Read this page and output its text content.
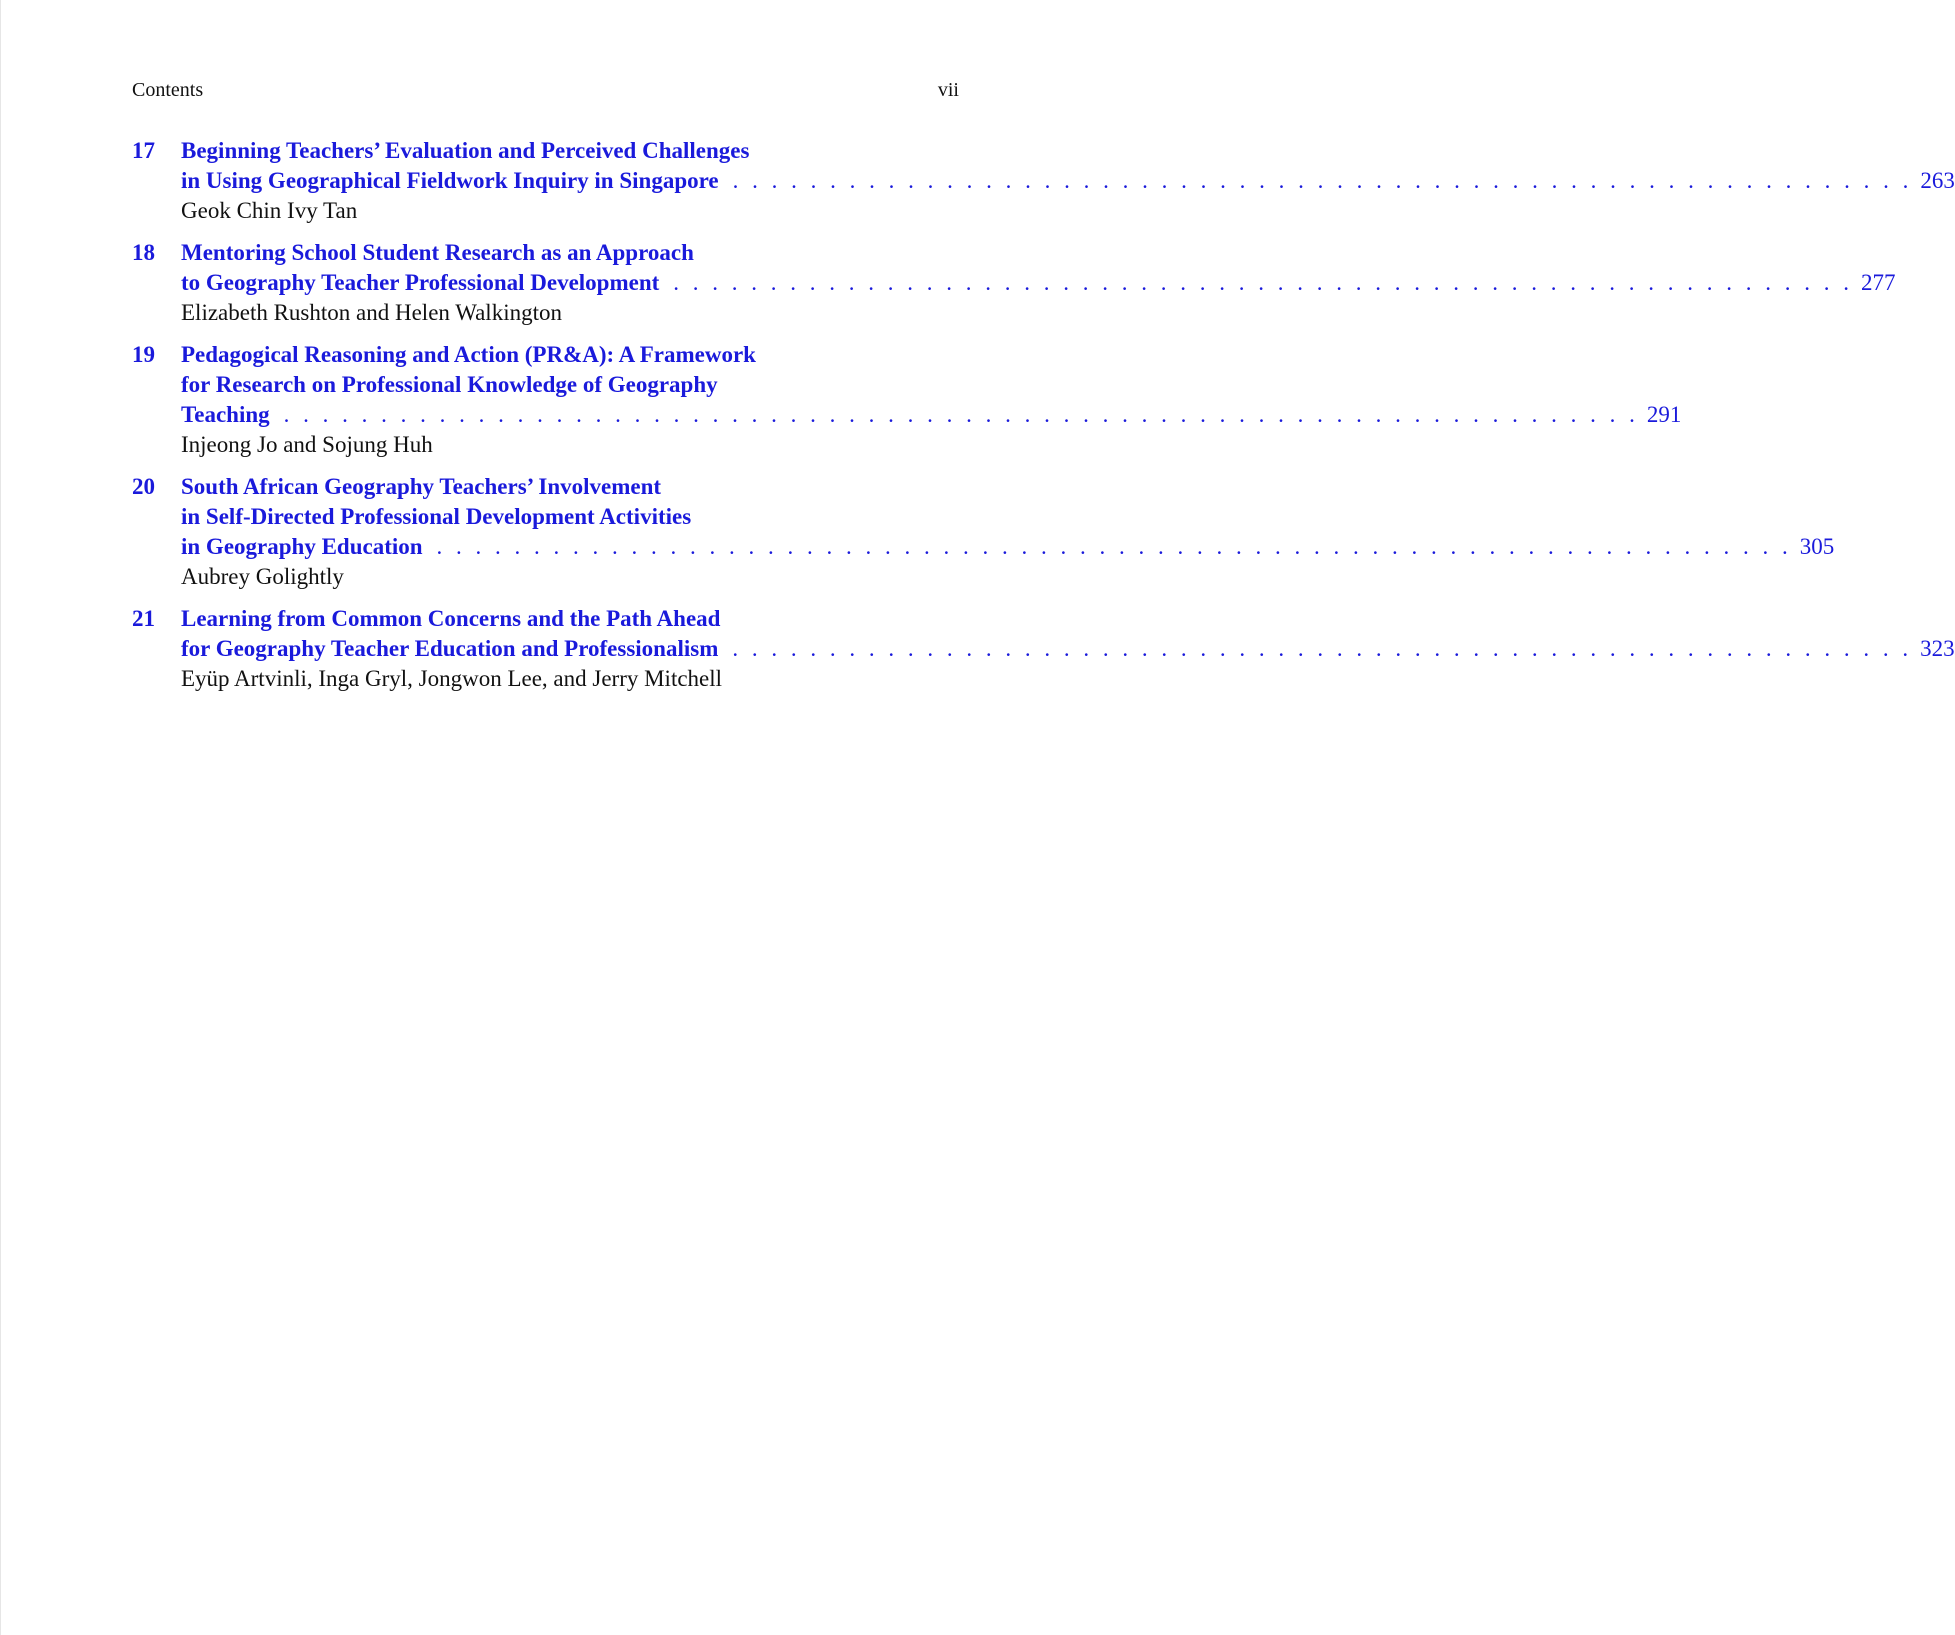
Contents	vii
17	Beginning Teachers’ Evaluation and Perceived Challenges
in Using Geographical Fieldwork Inquiry in Singapore . . . . . . . . . . . . . . . . . . . . . . . . . . . . . . . . . . . . . . . . . . . . . . . . . . . . . . . . . . . . . 263
Geok Chin Ivy Tan
18	Mentoring School Student Research as an Approach
to Geography Teacher Professional Development . . . . . . . . . . . . . . . . . . . . . . . . . . . . . . . . . . . . . . . . . . . . . . . . . . . . . . . . . . . . . 277
Elizabeth Rushton and Helen Walkington
19	Pedagogical Reasoning and Action (PR&A): A Framework
for Research on Professional Knowledge of Geography
Teaching . . . . . . . . . . . . . . . . . . . . . . . . . . . . . . . . . . . . . . . . . . . . . . . . . . . . . . . . . . . . . . . . . . . . . . 291
Injeong Jo and Sojung Huh
20	South African Geography Teachers’ Involvement
in Self-Directed Professional Development Activities
in Geography Education . . . . . . . . . . . . . . . . . . . . . . . . . . . . . . . . . . . . . . . . . . . . . . . . . . . . . . . . . . . . . . . . . . . . . . 305
Aubrey Golightly
21	Learning from Common Concerns and the Path Ahead
for Geography Teacher Education and Professionalism . . . . . . . . . . . . . . . . . . . . . . . . . . . . . . . . . . . . . . . . . . . . . . . . . . . . . . . . . . . . . 323
Eyüp Artvinli, Inga Gryl, Jongwon Lee, and Jerry Mitchell
